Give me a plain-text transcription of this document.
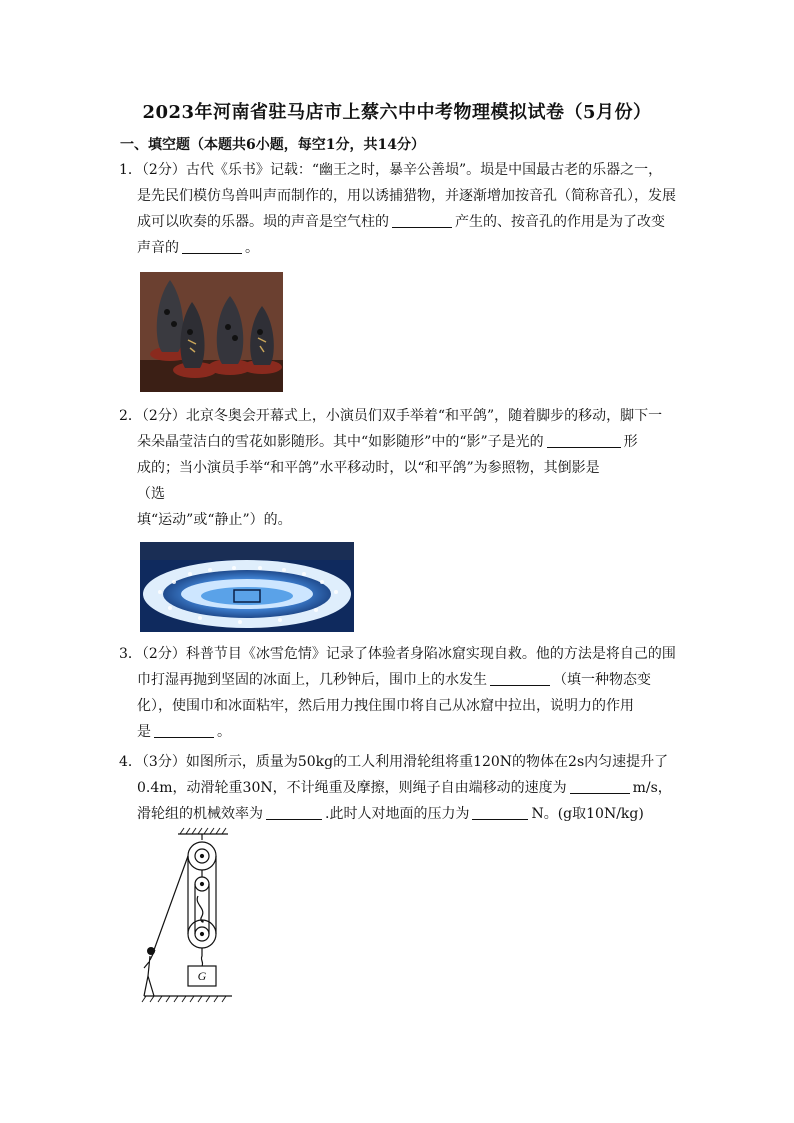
2023年河南省驻马店市上蔡六中中考物理模拟试卷（5月份）
一、填空题（本题共6小题，每空1分，共14分）
1．（2分）古代《乐书》记载：“幽王之时，暴辛公善埙”。埙是中国最古老的乐器之一，
是先民们模仿鸟兽叫声而制作的，用以诱捕猎物，并逐渐增加按音孔（简称音孔），发展
成可以吹奏的乐器。埙的声音是空气柱的	产生的、按音孔的作用是为了改变
声音的	。
2．（2分）北京冬奥会开幕式上，小演员们双手举着“和平鸽”，随着脚步的移动，脚下一
朵朵晶莹洁白的雪花如影随形。其中“如影随形”中的“影”子是光的	形
成的；当小演员手举“和平鸽”水平移动时，以“和平鸽”为参照物，其倒影是
（选
填“运动”或“静止”）的。
3．（2分）科普节目《冰雪危情》记录了体验者身陷冰窟实现自救。他的方法是将自己的围
巾打湿再抛到坚固的冰面上，几秒钟后，围巾上的水发生	（填一种物态变
化），使围巾和冰面粘牢，然后用力拽住围巾将自己从冰窟中拉出，说明力的作用
是	。
4．（3分）如图所示，质量为50kg的工人利用滑轮组将重120N的物体在2s内匀速提升了
0.4m，动滑轮重30N，不计绳重及摩擦，则绳子自由端移动的速度为	m/s，
滑轮组的机械效率为	.此时人对地面的压力为	N。(g取10N/kg)
G
